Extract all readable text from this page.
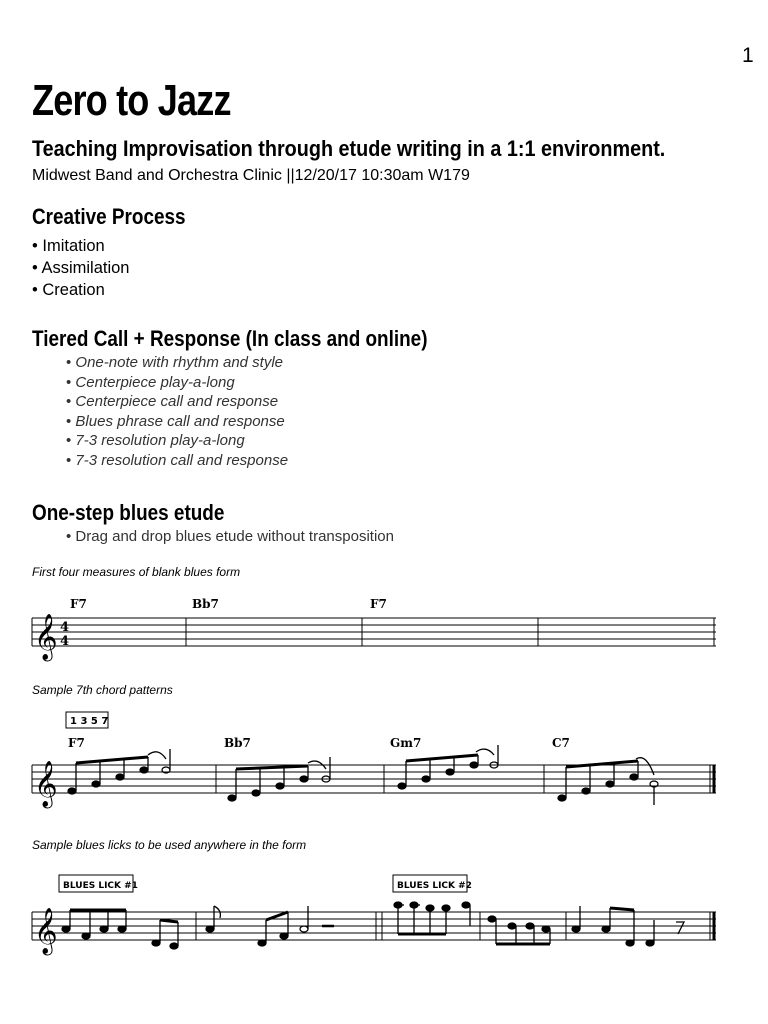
1
Zero to Jazz
Teaching Improvisation through etude writing in a 1:1 environment.
Midwest Band and Orchestra Clinic ||12/20/17 10:30am W179
Creative Process
• Imitation
• Assimilation
• Creation
Tiered Call + Response (In class and online)
• One-note with rhythm and style
• Centerpiece play-a-long
• Centerpiece call and response
• Blues phrase call and response
• 7-3 resolution play-a-long
• 7-3 resolution call and response
One-step blues etude
• Drag and drop blues etude without transposition
First four measures of blank blues form
𝄞 4
4
F7	Bb7	F7
Sample 7th chord patterns
1 3 5 7
F7	Bb7	Gm7	C7
𝄞
Sample blues licks to be used anywhere in the form
BLUES LICK #1	BLUES LICK #2
𝄞
